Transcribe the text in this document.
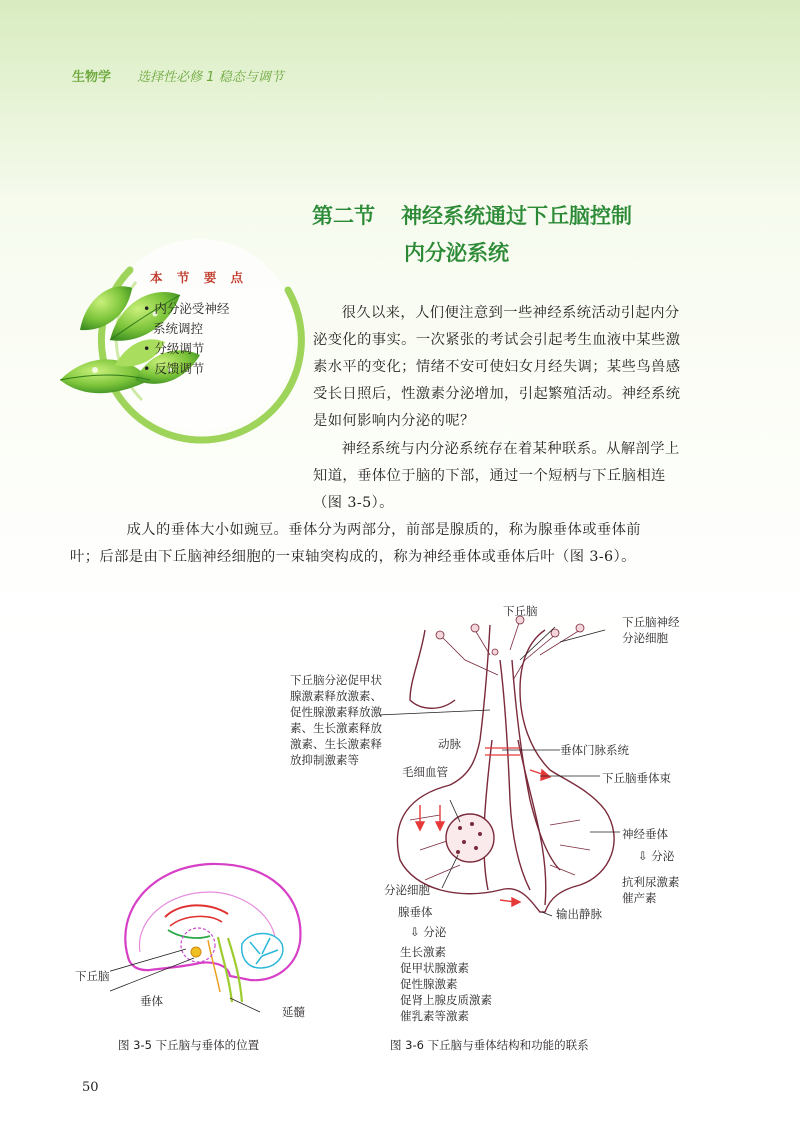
生物学 选择性必修 1 稳态与调节
第二节 神经系统通过下丘脑控制
内分泌系统
本 节 要 点
• 内分泌受神经
系统调控
• 分级调节
• 反馈调节
很久以来，人们便注意到一些神经系统活动引起内分泌变化的事实。一次紧张的考试会引起考生血液中某些激素水平的变化；情绪不安可使妇女月经失调；某些鸟兽感受长日照后，性激素分泌增加，引起繁殖活动。神经系统是如何影响内分泌的呢？
神经系统与内分泌系统存在着某种联系。从解剖学上知道，垂体位于脑的下部，通过一个短柄与下丘脑相连（图 3-5）。
成人的垂体大小如豌豆。垂体分为两部分，前部是腺质的，称为腺垂体或垂体前
叶；后部是由下丘脑神经细胞的一束轴突构成的，称为神经垂体或垂体后叶（图 3-6）。
下丘脑
垂体
延髓
图 3-5 下丘脑与垂体的位置
下丘脑
下丘脑神经
分泌细胞
下丘脑分泌促甲状
腺激素释放激素、
促性腺激素释放激
素、生长激素释放
激素、生长激素释
放抑制激素等
动脉	垂体门脉系统
毛细血管	下丘脑垂体束
神经垂体
⇩ 分泌
抗利尿激素
催产素
分泌细胞
腺垂体	输出静脉
⇩ 分泌
生长激素
促甲状腺激素
促性腺激素
促肾上腺皮质激素
催乳素等激素
图 3-6 下丘脑与垂体结构和功能的联系
50
